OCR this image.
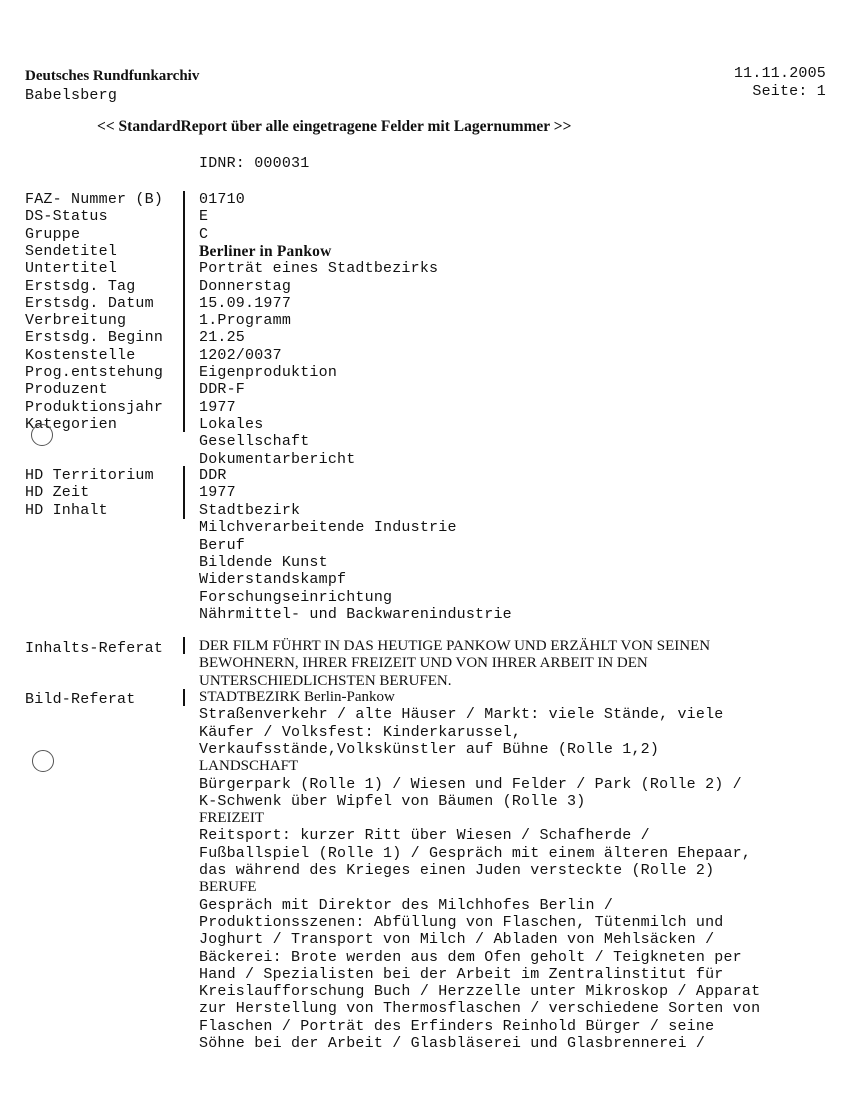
Deutsches Rundfunkarchiv
Babelsberg
11.11.2005
Seite: 1
<< StandardReport über alle eingetragene Felder mit Lagernummer >>
IDNR: 000031
FAZ- Nummer (B)	01710
DS-Status	E
Gruppe	C
Sendetitel	Berliner in Pankow
Untertitel	Porträt eines Stadtbezirks
Erstsdg. Tag	Donnerstag
Erstsdg. Datum	15.09.1977
Verbreitung	1.Programm
Erstsdg. Beginn	21.25
Kostenstelle	1202/0037
Prog.entstehung	Eigenproduktion
Produzent	DDR-F
Produktionsjahr	1977
Kategorien	Lokales
Gesellschaft
Dokumentarbericht
HD Territorium	DDR
HD Zeit	1977
HD Inhalt	Stadtbezirk
Milchverarbeitende Industrie
Beruf
Bildende Kunst
Widerstandskampf
Forschungseinrichtung
Nährmittel- und Backwarenindustrie
Inhalts-Referat DER FILM FÜHRT IN DAS HEUTIGE PANKOW UND ERZÄHLT VON SEINEN
BEWOHNERN, IHRER FREIZEIT UND VON IHRER ARBEIT IN DEN
UNTERSCHIEDLICHSTEN BERUFEN.
Bild-Referat	STADTBEZIRK Berlin-Pankow
Straßenverkehr / alte Häuser / Markt: viele Stände, viele
Käufer / Volksfest: Kinderkarussel,
Verkaufsstände,Volkskünstler auf Bühne (Rolle 1,2)
LANDSCHAFT
Bürgerpark (Rolle 1) / Wiesen und Felder / Park (Rolle 2) /
K-Schwenk über Wipfel von Bäumen (Rolle 3)
FREIZEIT
Reitsport: kurzer Ritt über Wiesen / Schafherde /
Fußballspiel (Rolle 1) / Gespräch mit einem älteren Ehepaar,
das während des Krieges einen Juden versteckte (Rolle 2)
BERUFE
Gespräch mit Direktor des Milchhofes Berlin /
Produktionsszenen: Abfüllung von Flaschen, Tütenmilch und
Joghurt / Transport von Milch / Abladen von Mehlsäcken /
Bäckerei: Brote werden aus dem Ofen geholt / Teigkneten per
Hand / Spezialisten bei der Arbeit im Zentralinstitut für
Kreislaufforschung Buch / Herzzelle unter Mikroskop / Apparat
zur Herstellung von Thermosflaschen / verschiedene Sorten von
Flaschen / Porträt des Erfinders Reinhold Bürger / seine
Söhne bei der Arbeit / Glasbläserei und Glasbrennerei /
